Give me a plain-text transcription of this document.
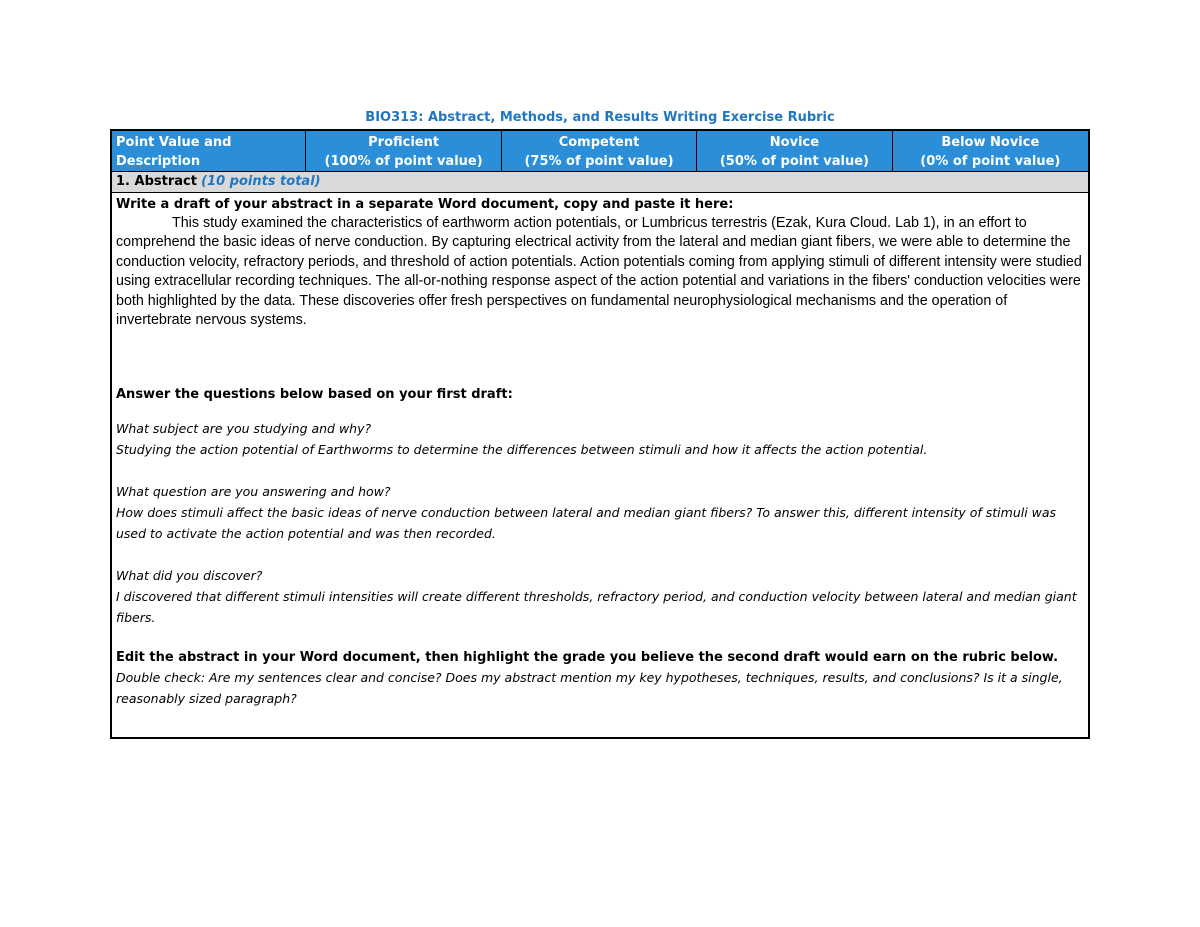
BIO313: Abstract, Methods, and Results Writing Exercise Rubric
Point Value and
Description
Proficient
(100% of point value)
Competent
(75% of point value)
Novice
(50% of point value)
Below Novice
(0% of point value)
1. Abstract (10 points total)

Write a draft of your abstract in a separate Word document, copy and paste it here:

This study examined the characteristics of earthworm action potentials, or Lumbricus terrestris (Ezak, Kura Cloud. Lab 1), in an effort to comprehend the basic ideas of nerve conduction. By capturing electrical activity from the lateral and median giant fibers, we were able to determine the conduction velocity, refractory periods, and threshold of action potentials. Action potentials coming from applying stimuli of different intensity were studied using extracellular recording techniques. The all-or-nothing response aspect of the action potential and variations in the fibers' conduction velocities were both highlighted by the data. These discoveries offer fresh perspectives on fundamental neurophysiological mechanisms and the operation of invertebrate nervous systems.

Answer the questions below based on your first draft:

What subject are you studying and why?

Studying the action potential of Earthworms to determine the differences between stimuli and how it affects the action potential.

What question are you answering and how?

How does stimuli affect the basic ideas of nerve conduction between lateral and median giant fibers? To answer this, different intensity of stimuli was used to activate the action potential and was then recorded.

What did you discover?

I discovered that different stimuli intensities will create different thresholds, refractory period, and conduction velocity between lateral and median giant fibers.

Edit the abstract in your Word document, then highlight the grade you believe the second draft would earn on the rubric below.

Double check: Are my sentences clear and concise? Does my abstract mention my key hypotheses, techniques, results, and conclusions? Is it a single, reasonably sized paragraph?
